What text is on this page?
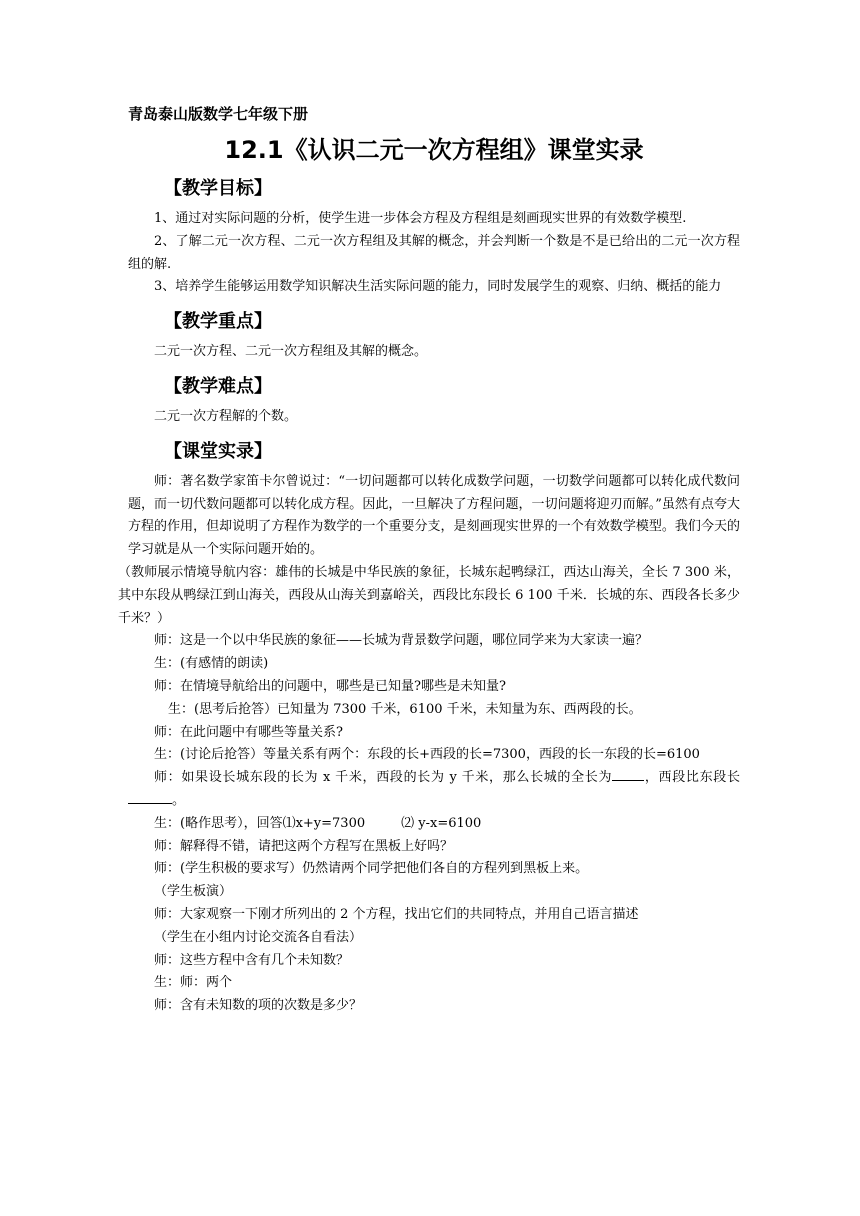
青岛泰山版数学七年级下册
12.1《认识二元一次方程组》课堂实录
【教学目标】

1、通过对实际问题的分析，使学生进一步体会方程及方程组是刻画现实世界的有效数学模型.

2、了解二元一次方程、二元一次方程组及其解的概念，并会判断一个数是不是已给出的二元一次方程组的解.

3、培养学生能够运用数学知识解决生活实际问题的能力，同时发展学生的观察、归纳、概括的能力

【教学重点】

二元一次方程、二元一次方程组及其解的概念。

【教学难点】

二元一次方程解的个数。

【课堂实录】

师：著名数学家笛卡尔曾说过：“一切问题都可以转化成数学问题，一切数学问题都可以转化成代数问题，而一切代数问题都可以转化成方程。因此，一旦解决了方程问题，一切问题将迎刃而解。”虽然有点夸大方程的作用，但却说明了方程作为数学的一个重要分支，是刻画现实世界的一个有效数学模型。我们今天的学习就是从一个实际问题开始的。

（教师展示情境导航内容：雄伟的长城是中华民族的象征，长城东起鸭绿江，西达山海关，全长 7 300 米，其中东段从鸭绿江到山海关，西段从山海关到嘉峪关，西段比东段长 6 100 千米．长城的东、西段各长多少千米？）

师：这是一个以中华民族的象征——长城为背景数学问题，哪位同学来为大家读一遍？

生：(有感情的朗读)

师：在情境导航给出的问题中，哪些是已知量?哪些是未知量?

生：(思考后抢答）已知量为 7300 千米，6100 千米，未知量为东、西两段的长。

师：在此问题中有哪些等量关系?

生：(讨论后抢答）等量关系有两个：东段的长+西段的长=7300，西段的长一东段的长=6100

师：如果设长城东段的长为 x 千米，西段的长为 y 千米，那么长城的全长为 ，西段比东段长。

生：(略作思考），回答⑴x+y=7300	⑵ y-x=6100

师：解释得不错，请把这两个方程写在黑板上好吗？

师：(学生积极的要求写）仍然请两个同学把他们各自的方程列到黑板上来。

（学生板演）

师：大家观察一下刚才所列出的 2 个方程，找出它们的共同特点，并用自己语言描述

（学生在小组内讨论交流各自看法）

师：这些方程中含有几个未知数？

生：师：两个

师：含有未知数的项的次数是多少？
